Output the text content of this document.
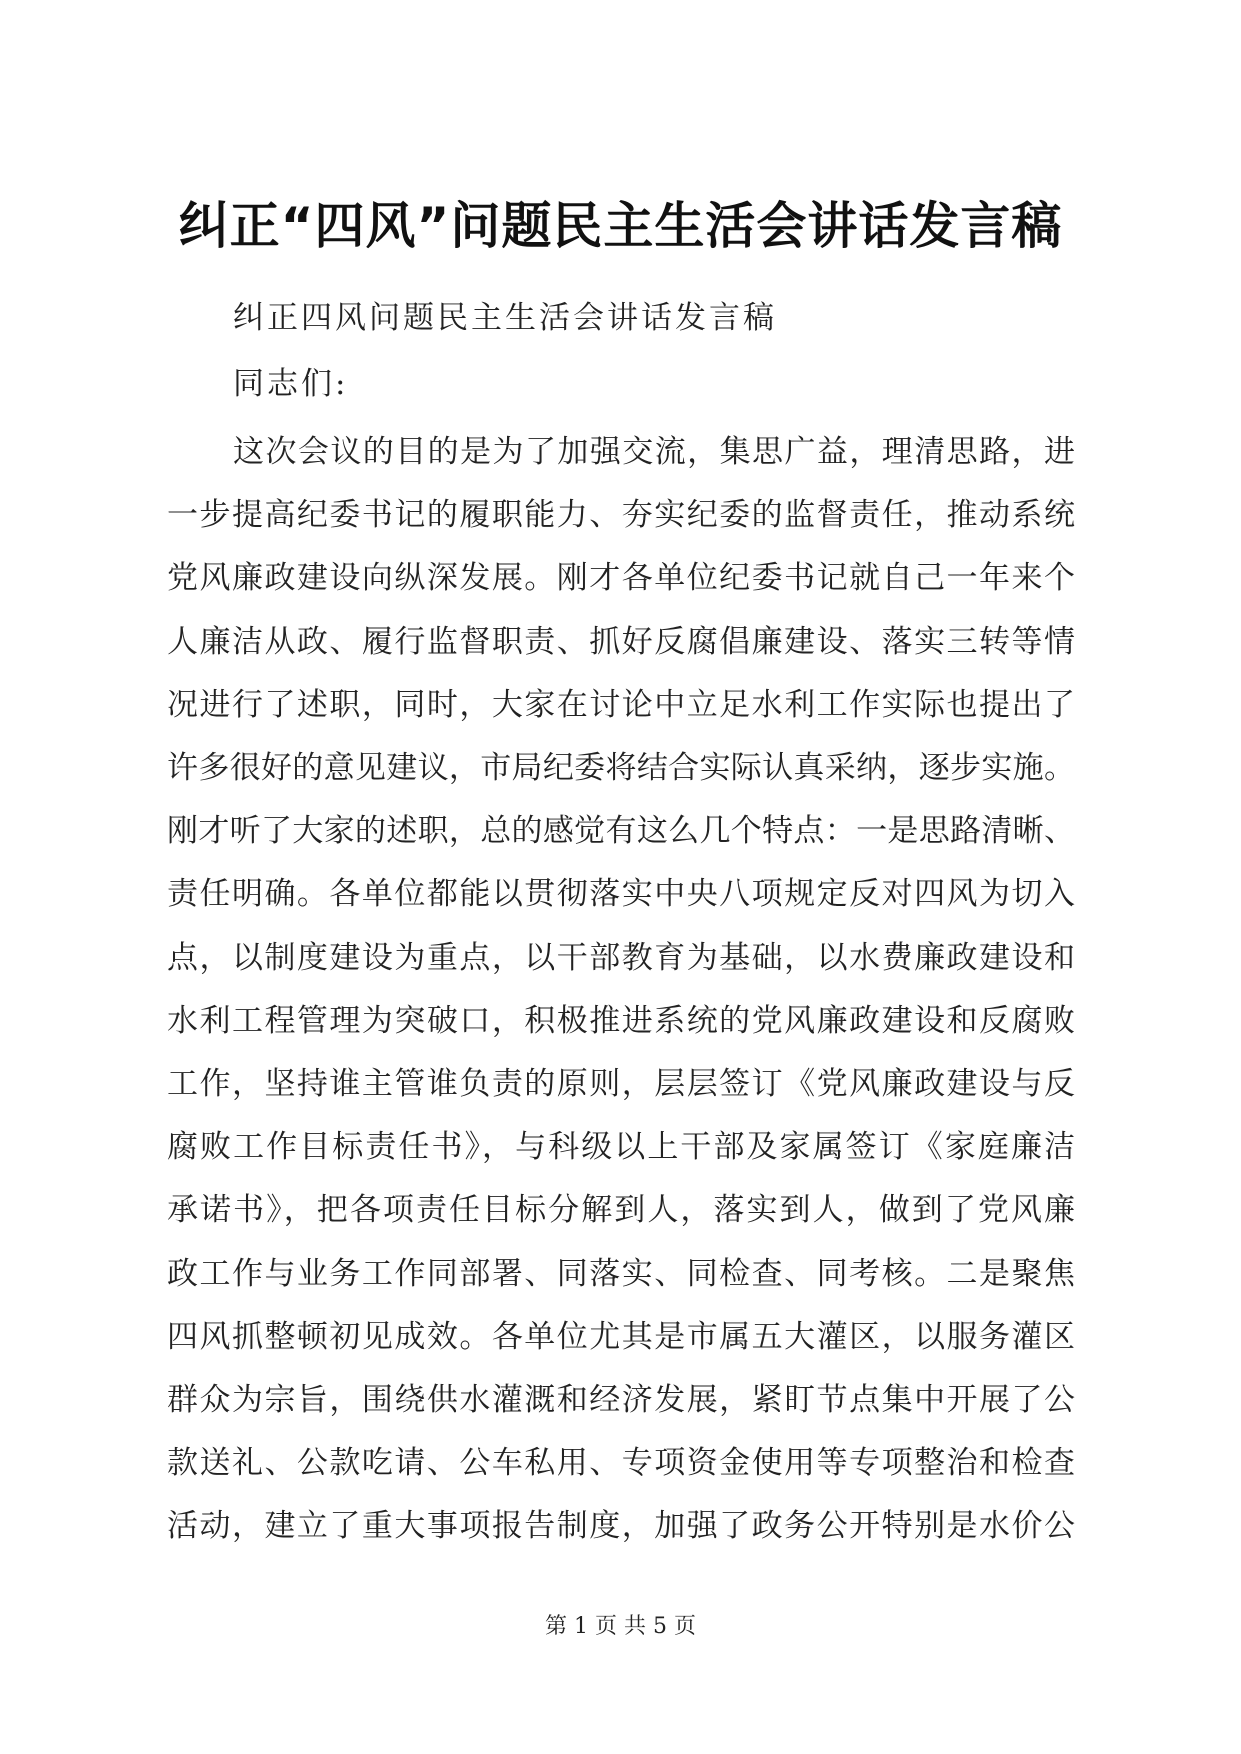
纠正“四风”问题民主生活会讲话发言稿
纠正四风问题民主生活会讲话发言稿
同志们:
这次会议的目的是为了加强交流，集思广益，理清思路，进
一步提高纪委书记的履职能力、夯实纪委的监督责任，推动系统
党风廉政建设向纵深发展。刚才各单位纪委书记就自己一年来个
人廉洁从政、履行监督职责、抓好反腐倡廉建设、落实三转等情
况进行了述职，同时，大家在讨论中立足水利工作实际也提出了
许多很好的意见建议，市局纪委将结合实际认真采纳，逐步实施。
刚才听了大家的述职，总的感觉有这么几个特点：一是思路清晰、
责任明确。各单位都能以贯彻落实中央八项规定反对四风为切入
点，以制度建设为重点，以干部教育为基础，以水费廉政建设和
水利工程管理为突破口，积极推进系统的党风廉政建设和反腐败
工作，坚持谁主管谁负责的原则，层层签订《党风廉政建设与反
腐败工作目标责任书》，与科级以上干部及家属签订《家庭廉洁
承诺书》，把各项责任目标分解到人，落实到人，做到了党风廉
政工作与业务工作同部署、同落实、同检查、同考核。二是聚焦
四风抓整顿初见成效。各单位尤其是市属五大灌区，以服务灌区
群众为宗旨，围绕供水灌溉和经济发展，紧盯节点集中开展了公
款送礼、公款吃请、公车私用、专项资金使用等专项整治和检查
活动，建立了重大事项报告制度，加强了政务公开特别是水价公
第 1 页 共 5 页
